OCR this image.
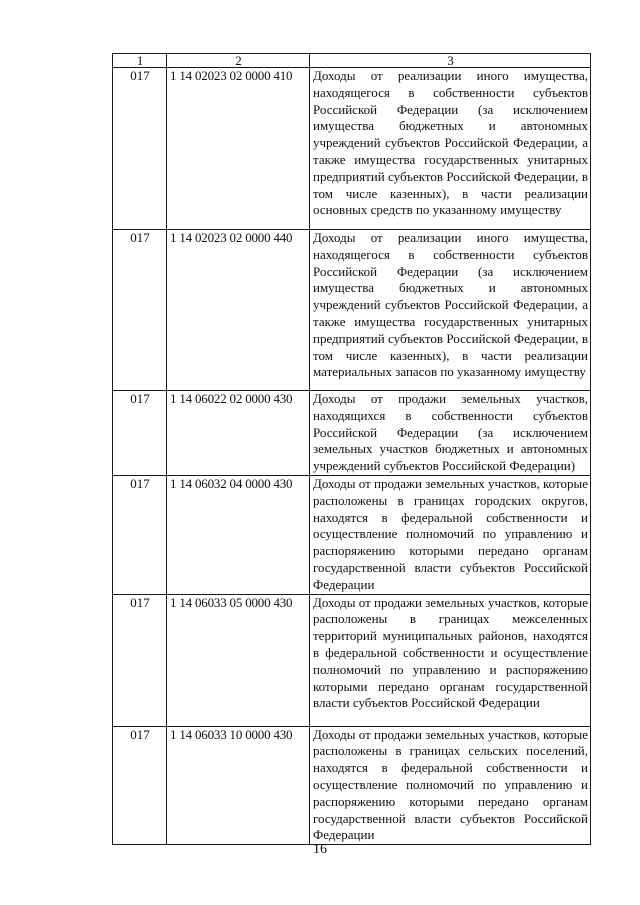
1	2	3
017	1 14 02023 02 0000 410	Доходы от реализации иного имущества, находящегося в собственности субъектов Российской Федерации (за исключением имущества бюджетных и автономных учреждений субъектов Российской Федерации, а также имущества государственных унитарных предприятий субъектов Российской Федерации, в том числе казенных), в части реализации основных средств по указанному имуществу
017	1 14 02023 02 0000 440	Доходы от реализации иного имущества, находящегося в собственности субъектов Российской Федерации (за исключением имущества бюджетных и автономных учреждений субъектов Российской Федерации, а также имущества государственных унитарных предприятий субъектов Российской Федерации, в том числе казенных), в части реализации материальных запасов по указанному имуществу
017	1 14 06022 02 0000 430	Доходы от продажи земельных участков, находящихся в собственности субъектов Российской Федерации (за исключением земельных участков бюджетных и автономных учреждений субъектов Российской Федерации)
017	1 14 06032 04 0000 430	Доходы от продажи земельных участков, которые расположены в границах городских округов, находятся в федеральной собственности и осуществление полномочий по управлению и распоряжению которыми передано органам государственной власти субъектов Российской Федерации
017	1 14 06033 05 0000 430	Доходы от продажи земельных участков, которые расположены в границах межселенных территорий муниципальных районов, находятся в федеральной собственности и осуществление полномочий по управлению и распоряжению которыми передано органам государственной власти субъектов Российской Федерации
017	1 14 06033 10 0000 430	Доходы от продажи земельных участков, которые расположены в границах сельских поселений, находятся в федеральной собственности и осуществление полномочий по управлению и распоряжению которыми передано органам государственной власти субъектов Российской Федерации
16
